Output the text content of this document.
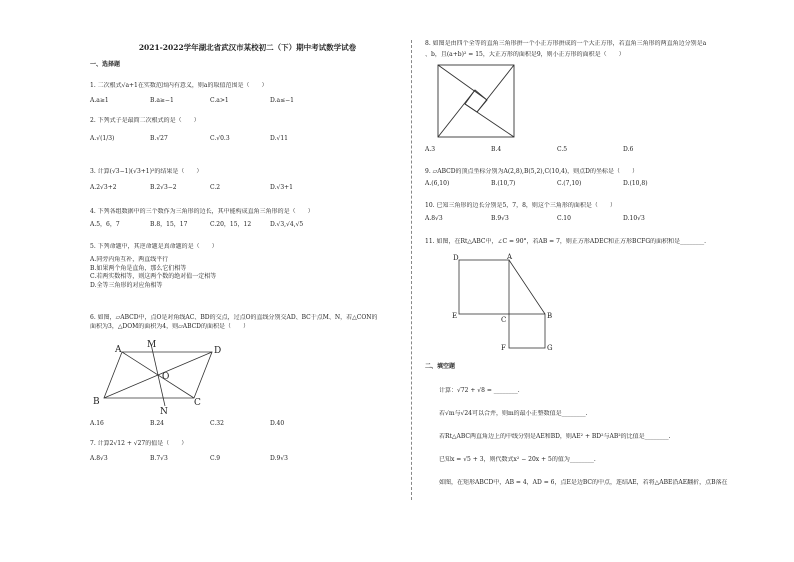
2021-2022学年湖北省武汉市某校初二（下）期中考试数学试卷
一、选择题
1. 二次根式√a+1在实数范围内有意义，则a的取值范围是（　　）
A.a≥1	B.a≥−1	C.a>1	D.a≤−1
2. 下列式子是最简二次根式的是（　　）
A.√(1/3)	B.√27	C.√0.3	D.√11
3. 计算(√3−1)(√3+1)²的结果是（　　）
A.2√3+2	B.2√3−2	C.2	D.√3+1
4. 下列各组数据中的三个数作为三角形的边长，其中能构成直角三角形的是（　　）
A.5，6，7	B.8，15，17	C.20，15，12	D.√3,√4,√5
5. 下列命题中，其逆命题是真命题的是（　　）
A.同旁内角互补，两直线平行
B.如果两个角是直角，那么它们相等
C.若两实数相等，则这两个数的绝对值一定相等
D.全等三角形的对应角相等
6. 如图，▱ABCD中，点O是对角线AC、BD的交点，过点O的直线分别交AD、BC于点M、N，若△CON的
面积为3，△DOM的面积为4，则▱ABCD的面积是（　　）
A	M
D
O
B
N
C
A.16	B.24	C.32	D.40
7. 计算2√12 + √27的值是（　　）
A.8√3	B.7√3	C.9	D.9√3
8. 如图是由四个全等的直角三角形拼一个小正方形拼成的一个大正方形，若直角三角形的两直角边分别是a
、b，且(a+b)² = 15，大正方形的面积是9，则小正方形的面积是（　　）
A.3	B.4	C.5	D.6
9. ▱ABCD的顶点坐标分别为A(2,8),B(5,2),C(10,4)，则点D的坐标是（　　）
A.(6,10)	B.(10,7)	C.(7,10)	D.(10,8)
10. 已知三角形的边长分别是5，7，8，则这个三角形的面积是（　　）
A.8√3	B.9√3	C.10	D.10√3
11. 如图，在Rt△ABC中，∠C = 90°，若AB = 7，则正方形ADEC和正方形BCFG的面积和是________.
D	A
E	C	B
F	G
二、填空题
计算：√72 + √8 = ________.
若√m与√24可以合并，则m的最小正整数值是________.
若Rt△ABC两直角边上的中线分别是AE和BD，则AE² + BD²与AB²的比值是________.
已知x = √5 + 3，则代数式x² − 20x + 5的值为________.
如图，在矩形ABCD中，AB = 4，AD = 6，点E是边BC的中点，连结AE，若将△ABE沿AE翻折，点B落在
